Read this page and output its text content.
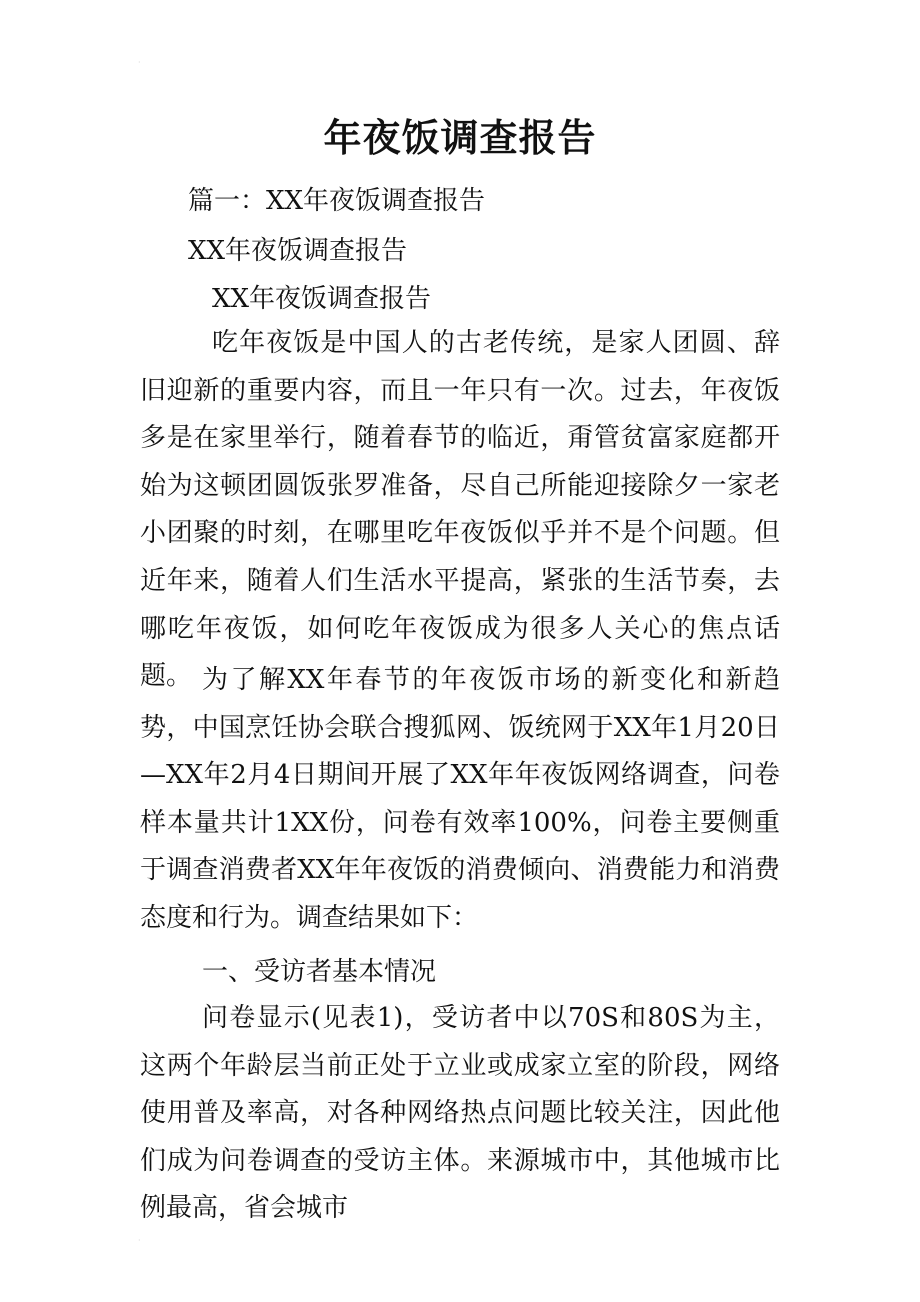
·
年夜饭调查报告

篇一：XX年夜饭调查报告

XX年夜饭调查报告

XX年夜饭调查报告

吃年夜饭是中国人的古老传统，是家人团圆、辞旧迎新的重要内容，而且一年只有一次。过去，年夜饭多是在家里举行，随着春节的临近，甭管贫富家庭都开始为这顿团圆饭张罗准备，尽自己所能迎接除夕一家老小团聚的时刻，在哪里吃年夜饭似乎并不是个问题。但近年来，随着人们生活水平提高，紧张的生活节奏，去哪吃年夜饭，如何吃年夜饭成为很多人关心的焦点话题。 为了解XX年春节的年夜饭市场的新变化和新趋势，中国烹饪协会联合搜狐网、饭统网于XX年1月20日—XX年2月4日期间开展了XX年年夜饭网络调查，问卷样本量共计1XX份，问卷有效率100%，问卷主要侧重于调查消费者XX年年夜饭的消费倾向、消费能力和消费态度和行为。调查结果如下：

一、受访者基本情况

问卷显示(见表1)，受访者中以70S和80S为主，这两个年龄层当前正处于立业或成家立室的阶段，网络使用普及率高，对各种网络热点问题比较关注，因此他们成为问卷调查的受访主体。来源城市中，其他城市比例最高，省会城市

·
